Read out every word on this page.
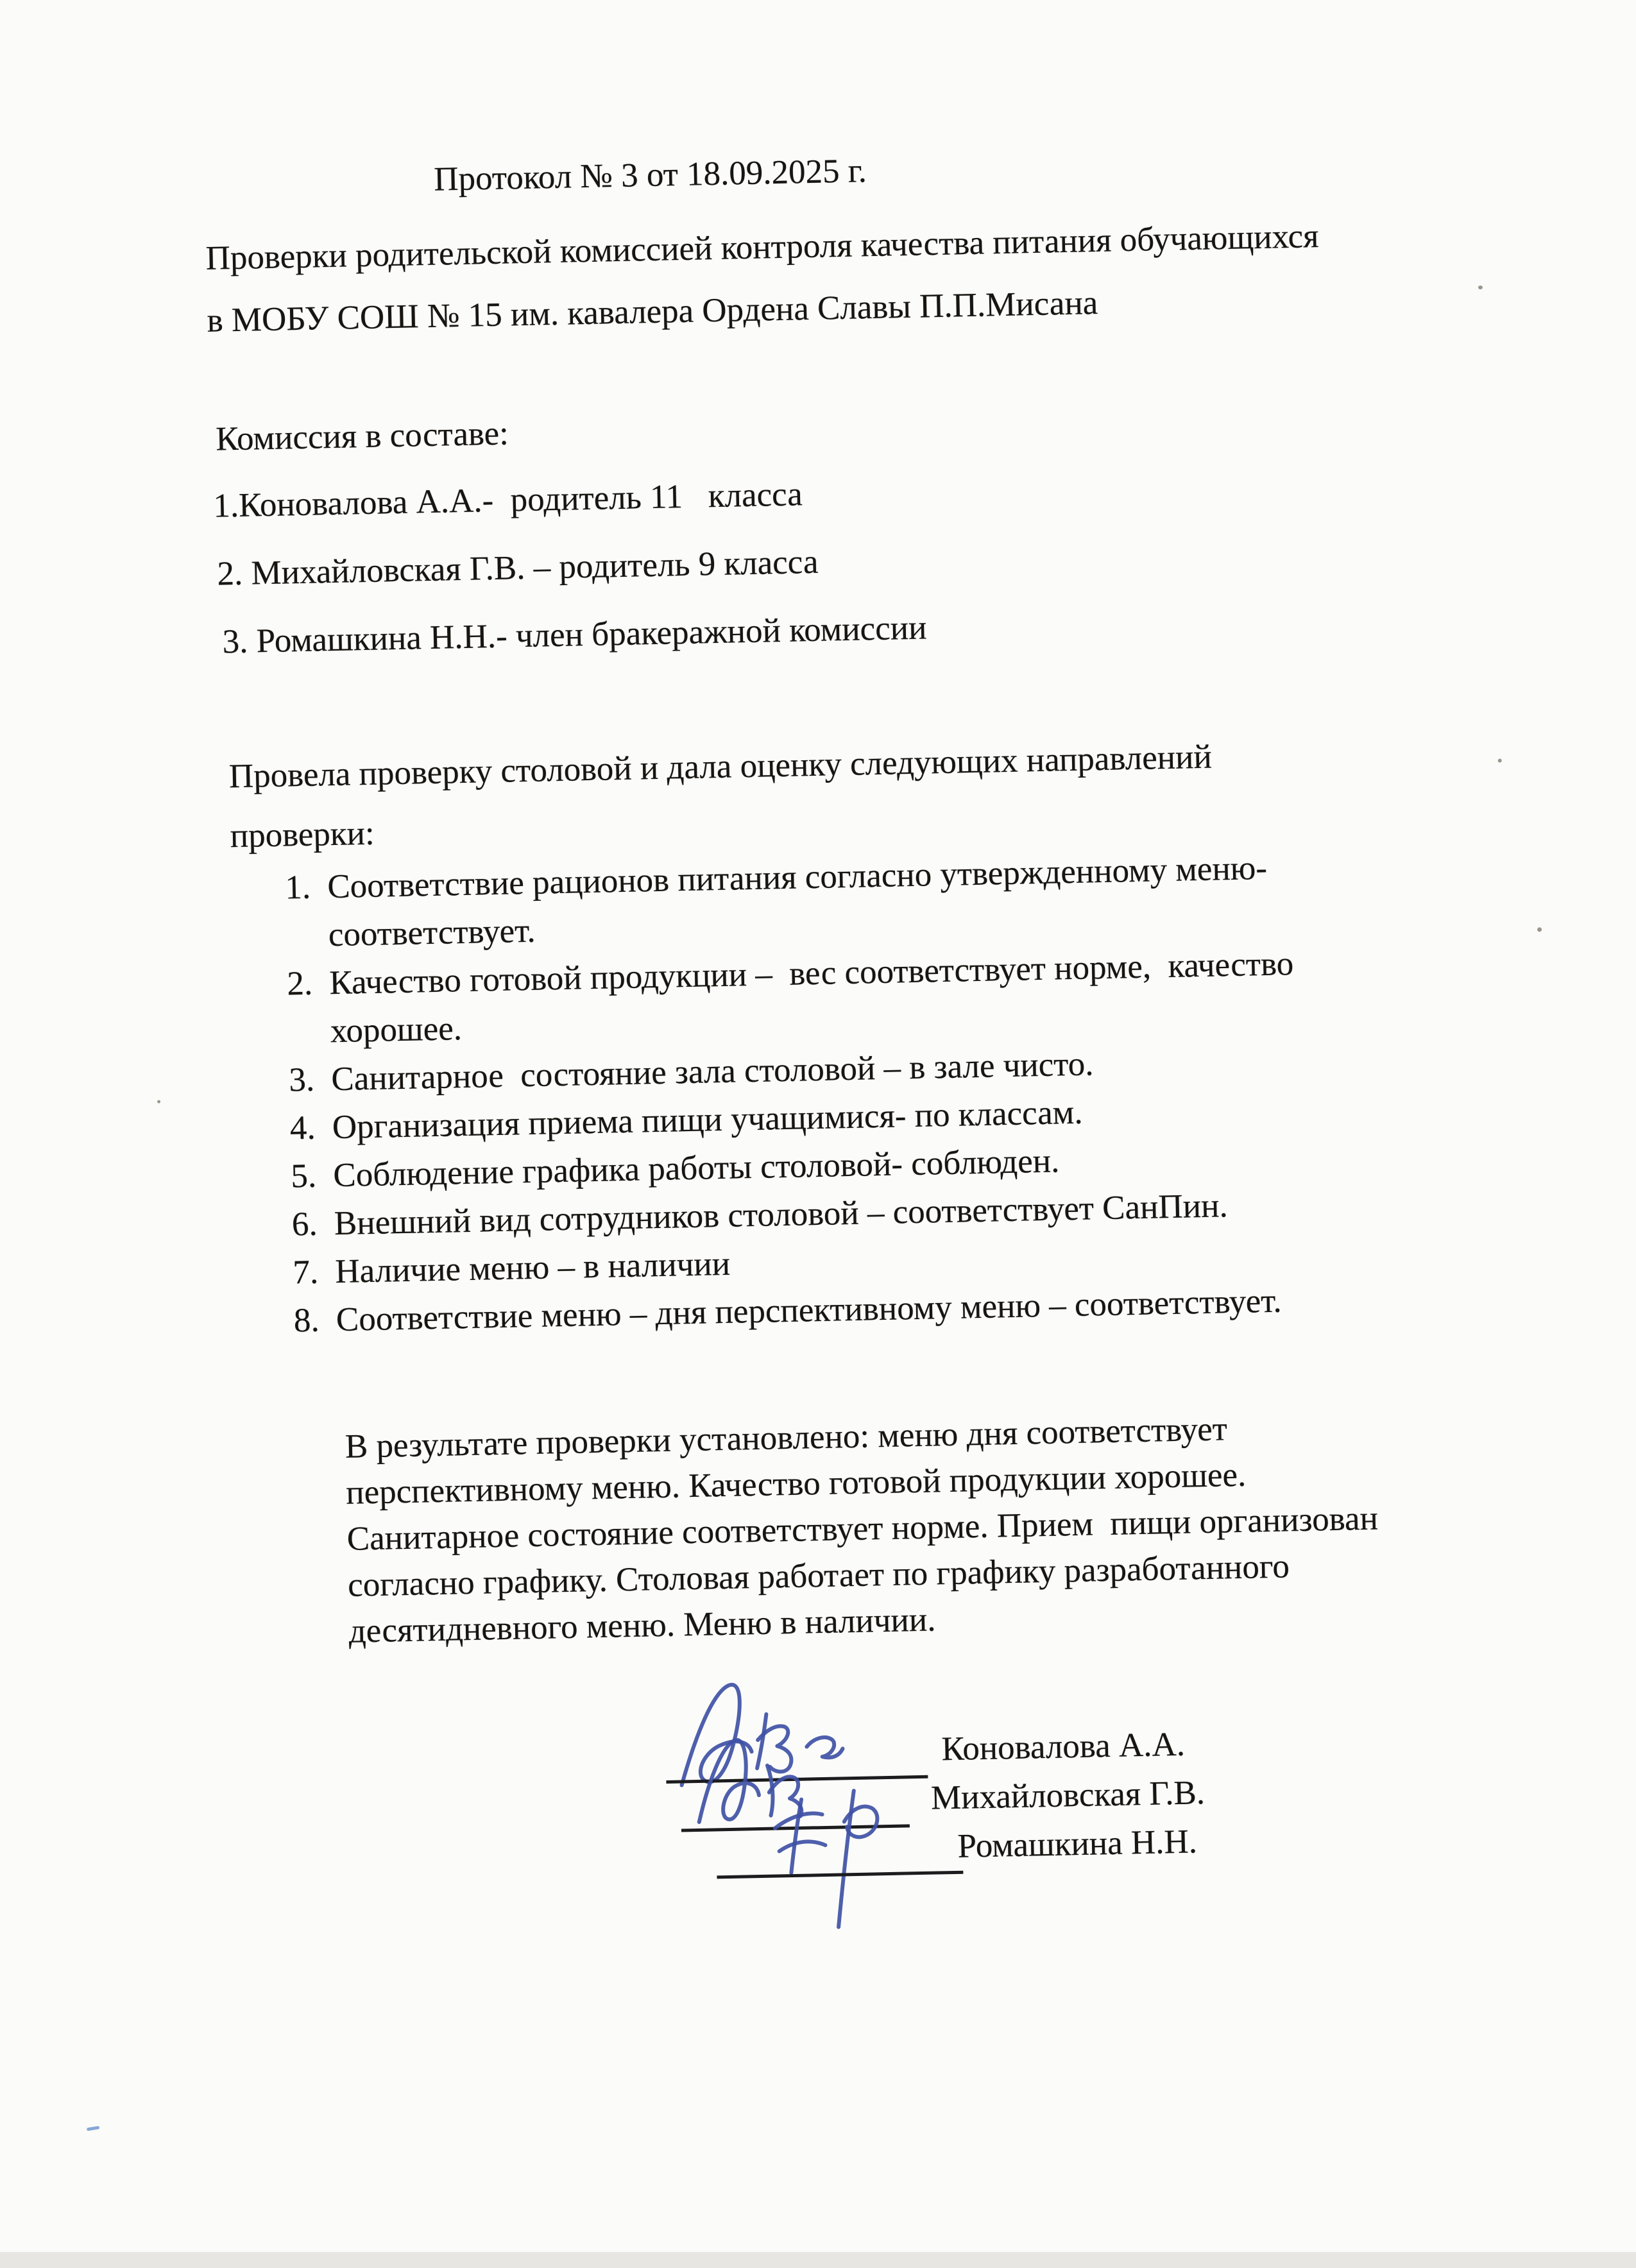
Протокол № 3 от 18.09.2025 г.
Проверки родительской комиссией контроля качества питания обучающихся
в МОБУ СОШ № 15 им. кавалера Ордена Славы П.П.Мисана
Комиссия в составе:
1.Коновалова А.А.-  родитель 11   класса
2. Михайловская Г.В. – родитель 9 класса
3. Ромашкина Н.Н.- член бракеражной комиссии
Провела проверку столовой и дала оценку следующих направлений
проверки:
1. Соответствие рационов питания согласно утвержденному меню-
соответствует.
2. Качество готовой продукции –  вес соответствует норме,  качество
хорошее.
3. Санитарное  состояние зала столовой – в зале чисто.
4. Организация приема пищи учащимися- по классам.
5. Соблюдение графика работы столовой- соблюден.
6. Внешний вид сотрудников столовой – соответствует СанПин.
7. Наличие меню – в наличии
8. Соответствие меню – дня перспективному меню – соответствует.
В результате проверки установлено: меню дня соответствует
перспективному меню. Качество готовой продукции хорошее.
Санитарное состояние соответствует норме. Прием  пищи организован
согласно графику. Столовая работает по графику разработанного
десятидневного меню. Меню в наличии.
Коновалова А.А.
Михайловская Г.В.
Ромашкина Н.Н.
